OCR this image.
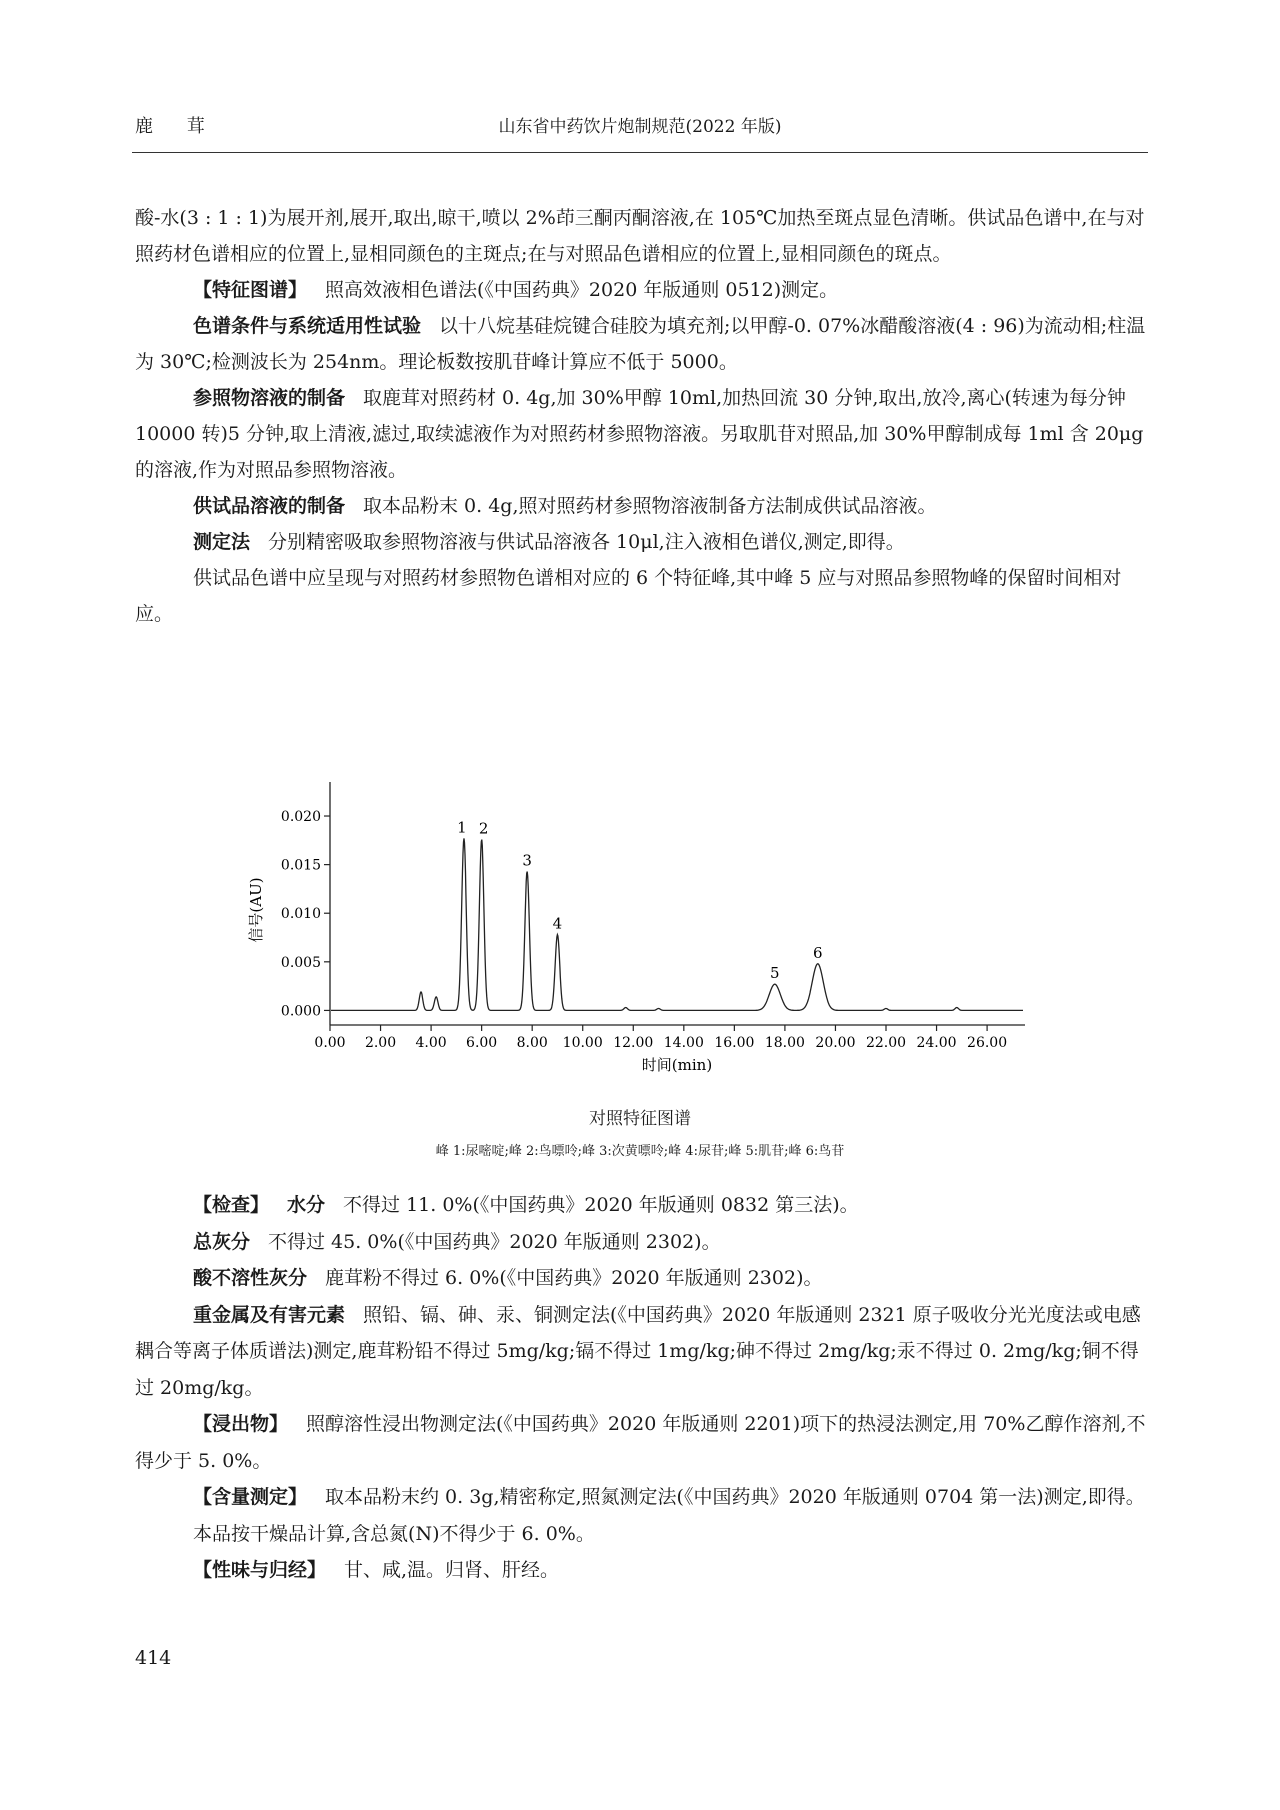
鹿 茸	山东省中药饮片炮制规范(2022 年版)

酸-水(3 : 1 : 1)为展开剂,展开,取出,晾干,喷以 2%茚三酮丙酮溶液,在 105℃加热至斑点显色清晰。供试品色谱中,在与对照药材色谱相应的位置上,显相同颜色的主斑点;在与对照品色谱相应的位置上,显相同颜色的斑点。

【特征图谱】 照高效液相色谱法(《中国药典》2020 年版通则 0512)测定。

色谱条件与系统适用性试验 以十八烷基硅烷键合硅胶为填充剂;以甲醇-0. 07%冰醋酸溶液(4 : 96)为流动相;柱温为 30℃;检测波长为 254nm。理论板数按肌苷峰计算应不低于 5000。

参照物溶液的制备 取鹿茸对照药材 0. 4g,加 30%甲醇 10ml,加热回流 30 分钟,取出,放冷,离心(转速为每分钟 10000 转)5 分钟,取上清液,滤过,取续滤液作为对照药材参照物溶液。另取肌苷对照品,加 30%甲醇制成每 1ml 含 20μg 的溶液,作为对照品参照物溶液。

供试品溶液的制备 取本品粉末 0. 4g,照对照药材参照物溶液制备方法制成供试品溶液。

测定法 分别精密吸取参照物溶液与供试品溶液各 10μl,注入液相色谱仪,测定,即得。

供试品色谱中应呈现与对照药材参照物色谱相对应的 6 个特征峰,其中峰 5 应与对照品参照物峰的保留时间相对应。

0.000
0.005
0.010
0.015
0.020
0.00 2.00 4.00 6.00 8.00 10.00 12.00 14.00 16.00 18.00 20.00 22.00 24.00 26.00
1 2
3
4
5
6
时间(min)
信号(AU)
对照特征图谱
峰 1:尿嘧啶;峰 2:鸟嘌呤;峰 3:次黄嘌呤;峰 4:尿苷;峰 5:肌苷;峰 6:鸟苷

【检查】 水分 不得过 11. 0%(《中国药典》2020 年版通则 0832 第三法)。

总灰分 不得过 45. 0%(《中国药典》2020 年版通则 2302)。

酸不溶性灰分 鹿茸粉不得过 6. 0%(《中国药典》2020 年版通则 2302)。

重金属及有害元素 照铅、镉、砷、汞、铜测定法(《中国药典》2020 年版通则 2321 原子吸收分光光度法或电感耦合等离子体质谱法)测定,鹿茸粉铅不得过 5mg/kg;镉不得过 1mg/kg;砷不得过 2mg/kg;汞不得过 0. 2mg/kg;铜不得过 20mg/kg。

【浸出物】 照醇溶性浸出物测定法(《中国药典》2020 年版通则 2201)项下的热浸法测定,用 70%乙醇作溶剂,不得少于 5. 0%。

【含量测定】 取本品粉末约 0. 3g,精密称定,照氮测定法(《中国药典》2020 年版通则 0704 第一法)测定,即得。

本品按干燥品计算,含总氮(N)不得少于 6. 0%。

【性味与归经】 甘、咸,温。归肾、肝经。

414
